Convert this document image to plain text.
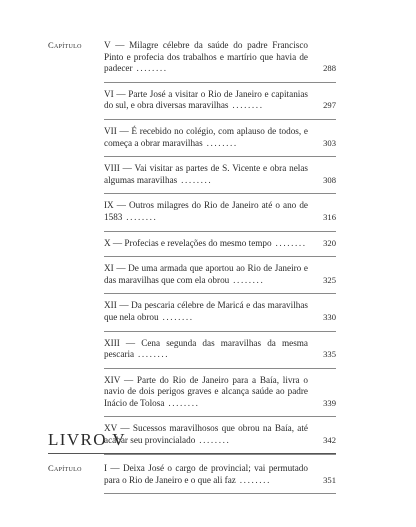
Capítulo	V — Milagre célebre da saúde do padre Francisco Pinto e profecia dos trabalhos e martírio que havia de padecer ........	288
VI — Parte José a visitar o Rio de Janeiro e capitanias do sul, e obra diversas maravilhas ........	297
VII — É recebido no colégio, com aplauso de todos, e começa a obrar maravilhas ........	303
VIII — Vai visitar as partes de S. Vicente e obra nelas algumas maravilhas ........	308
IX — Outros milagres do Rio de Janeiro até o ano de 1583 ........	316
X — Profecias e revelações do mesmo tempo ........	320
XI — De uma armada que aportou ao Rio de Janeiro e das maravilhas que com ela obrou ........	325
XII — Da pescaria célebre de Maricá e das maravilhas que nela obrou ........	330
XIII — Cena segunda das maravilhas da mesma pescaria ........	335
XIV — Parte do Rio de Janeiro para a Baía, livra o navio de dois perigos graves e alcança saúde ao padre Inácio de Tolosa ........	339
XV — Sucessos maravilhosos que obrou na Baía, até acabar seu provincialado ........	342
LIVRO V
Capítulo	I — Deixa José o cargo de provincial; vai permutado para o Rio de Janeiro e o que ali faz ........	351
